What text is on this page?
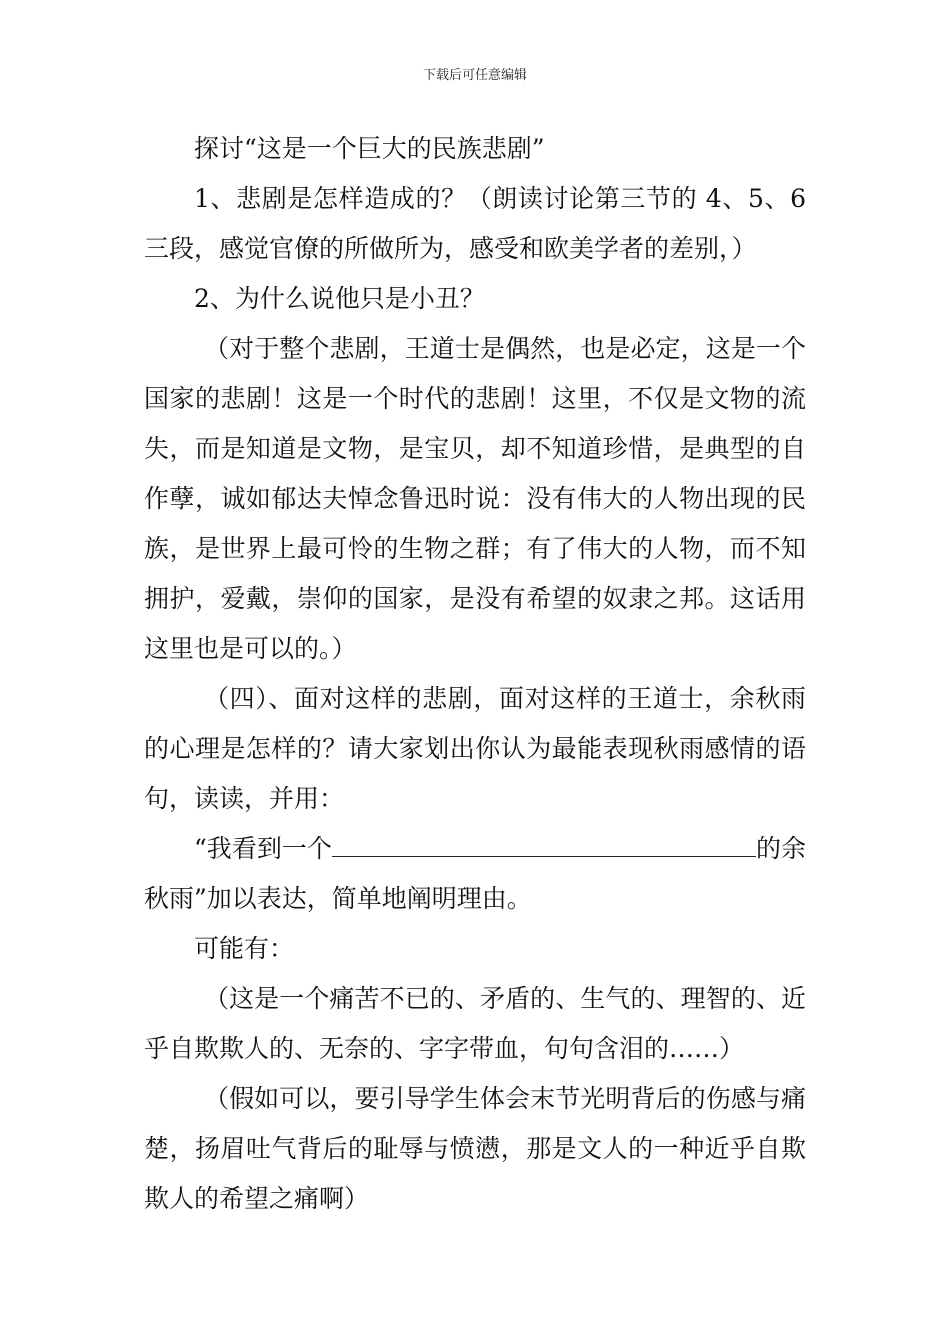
下载后可任意编辑

探讨“这是一个巨大的民族悲剧”

1、悲剧是怎样造成的？（朗读讨论第三节的 4、5、6 三段，感觉官僚的所做所为，感受和欧美学者的差别，）

2、为什么说他只是小丑？

（对于整个悲剧，王道士是偶然，也是必定，这是一个国家的悲剧！这是一个时代的悲剧！这里，不仅是文物的流失，而是知道是文物，是宝贝，却不知道珍惜，是典型的自作孽，诚如郁达夫悼念鲁迅时说：没有伟大的人物出现的民族，是世界上最可怜的生物之群；有了伟大的人物，而不知拥护，爱戴，崇仰的国家，是没有希望的奴隶之邦。这话用这里也是可以的。）

（四）、面对这样的悲剧，面对这样的王道士，余秋雨的心理是怎样的？请大家划出你认为最能表现秋雨感情的语句，读读，并用：

“我看到一个	的余秋雨”加以表达，简单地阐明理由。

可能有：

（这是一个痛苦不已的、矛盾的、生气的、理智的、近乎自欺欺人的、无奈的、字字带血，句句含泪的……）

（假如可以，要引导学生体会末节光明背后的伤感与痛楚，扬眉吐气背后的耻辱与愤懑，那是文人的一种近乎自欺欺人的希望之痛啊）
